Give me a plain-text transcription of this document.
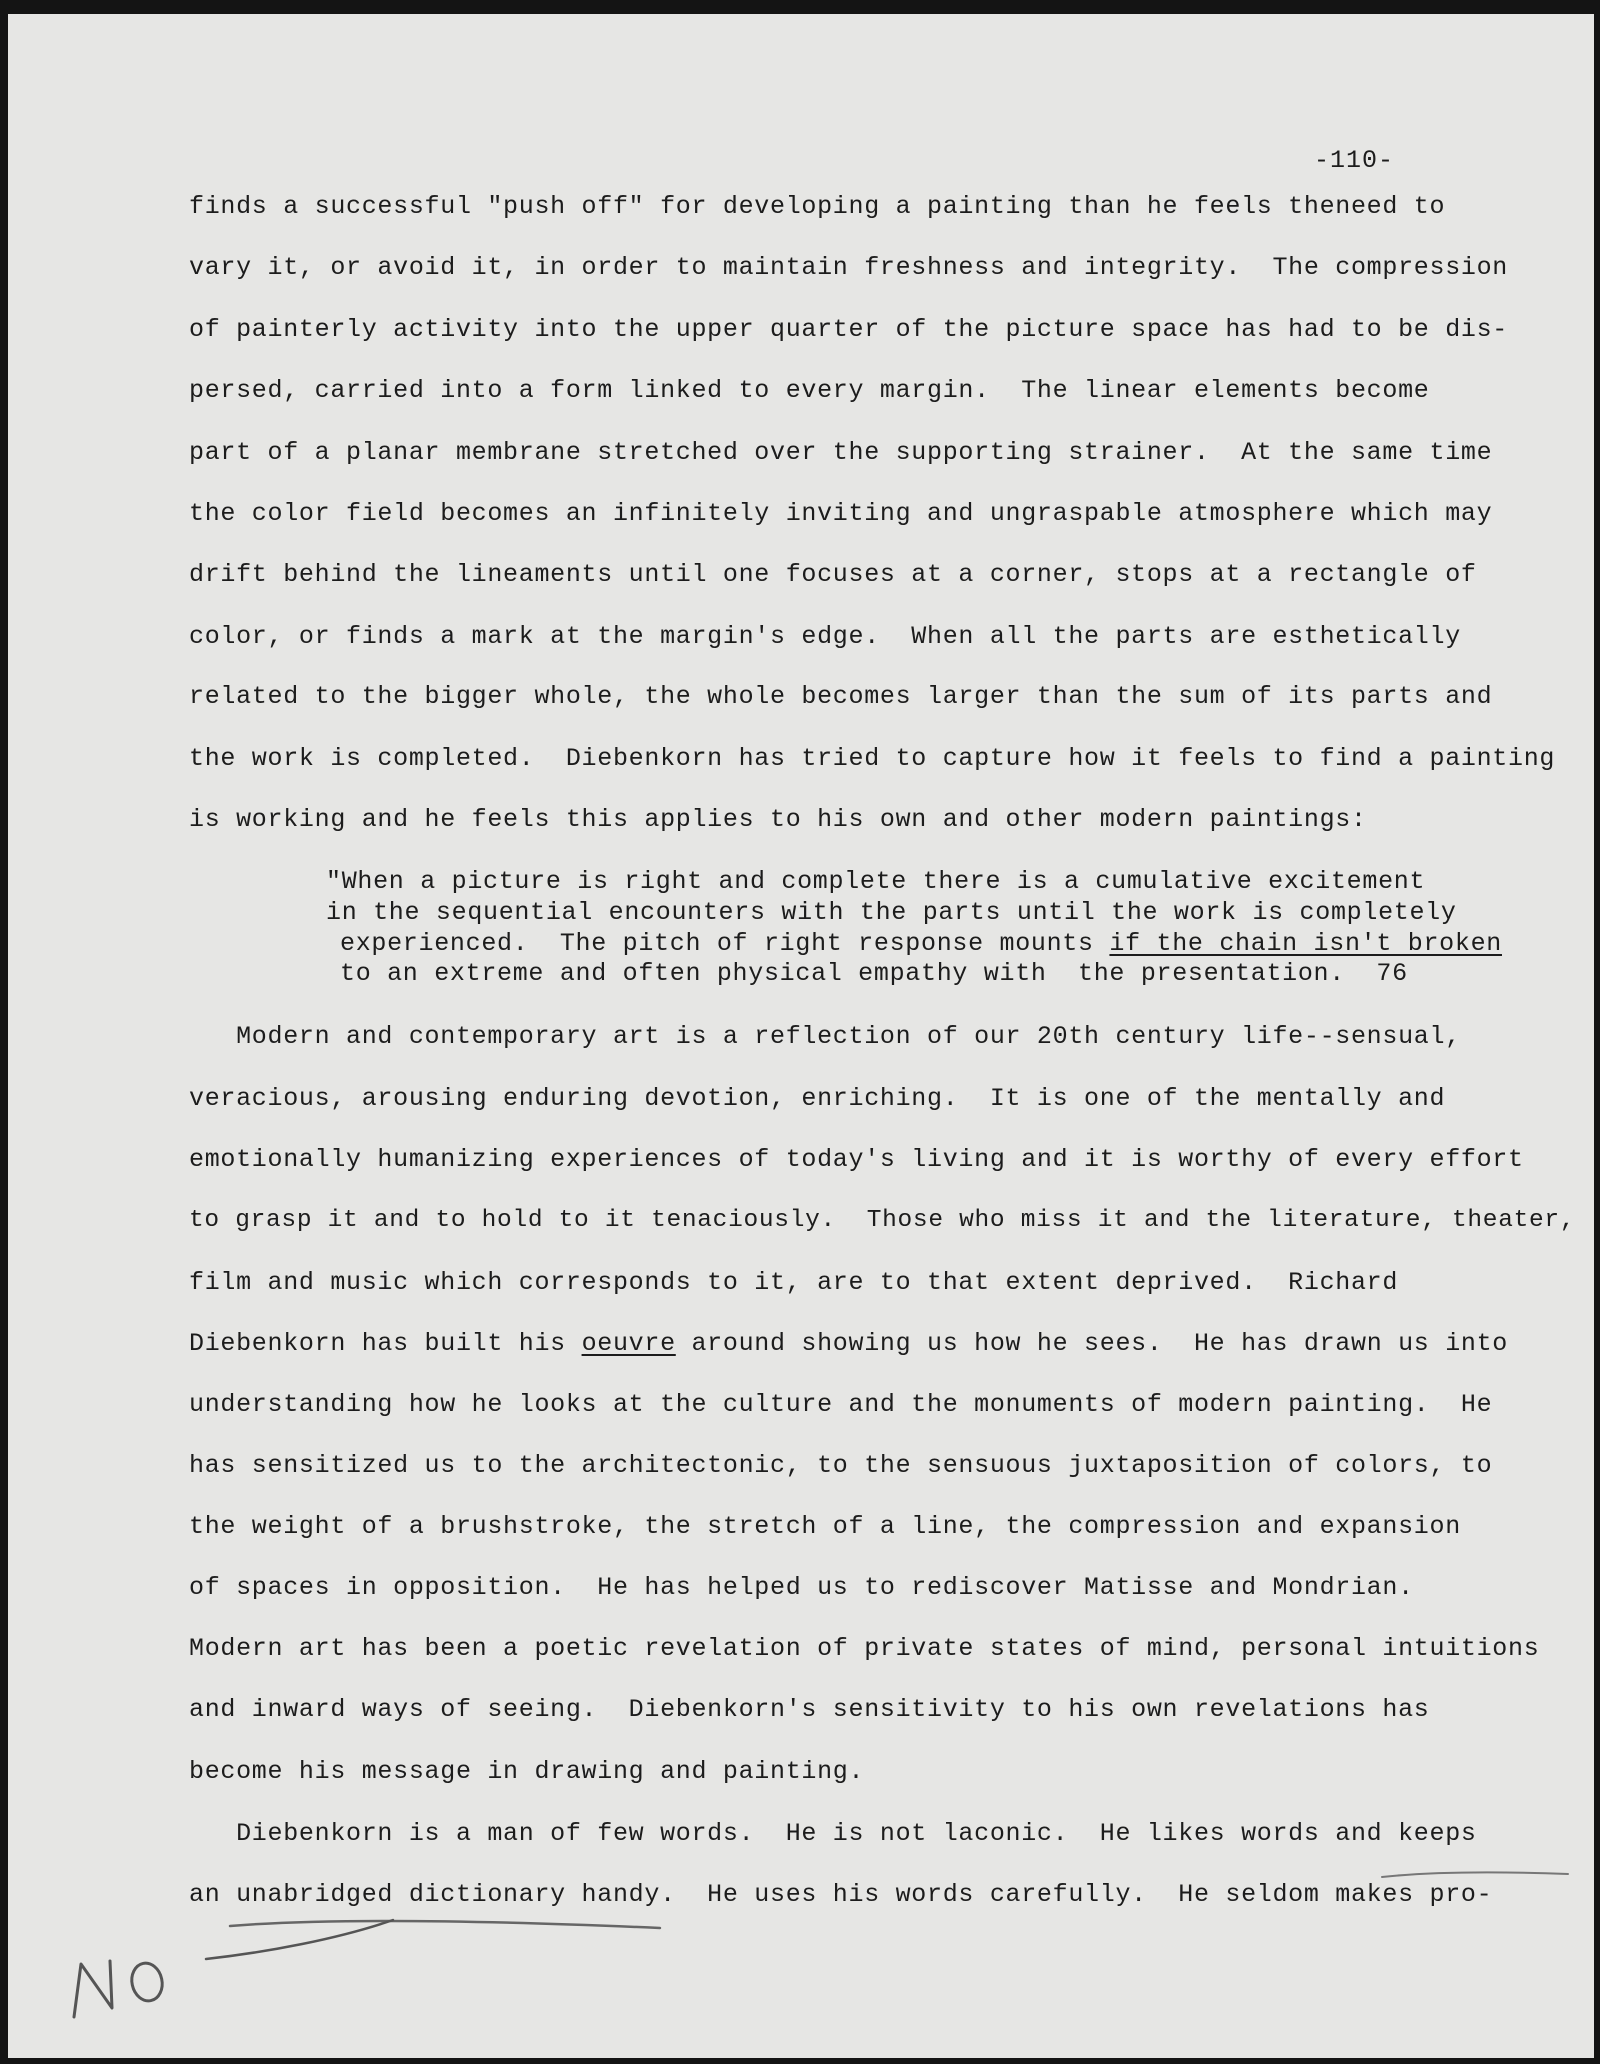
-110-
finds a successful "push off" for developing a painting than he feels theneed to
vary it, or avoid it, in order to maintain freshness and integrity.  The compression
of painterly activity into the upper quarter of the picture space has had to be dis-
persed, carried into a form linked to every margin.  The linear elements become
part of a planar membrane stretched over the supporting strainer.  At the same time
the color field becomes an infinitely inviting and ungraspable atmosphere which may
drift behind the lineaments until one focuses at a corner, stops at a rectangle of
color, or finds a mark at the margin's edge.  When all the parts are esthetically
related to the bigger whole, the whole becomes larger than the sum of its parts and
the work is completed.  Diebenkorn has tried to capture how it feels to find a painting
is working and he feels this applies to his own and other modern paintings:
"When a picture is right and complete there is a cumulative excitement
in the sequential encounters with the parts until the work is completely
experienced.  The pitch of right response mounts if the chain isn't broken
to an extreme and often physical empathy with  the presentation.  76
Modern and contemporary art is a reflection of our 20th century life--sensual,
veracious, arousing enduring devotion, enriching.  It is one of the mentally and
emotionally humanizing experiences of today's living and it is worthy of every effort
to grasp it and to hold to it tenaciously.  Those who miss it and the literature, theater,
film and music which corresponds to it, are to that extent deprived.  Richard
Diebenkorn has built his oeuvre around showing us how he sees.  He has drawn us into
understanding how he looks at the culture and the monuments of modern painting.  He
has sensitized us to the architectonic, to the sensuous juxtaposition of colors, to
the weight of a brushstroke, the stretch of a line, the compression and expansion
of spaces in opposition.  He has helped us to rediscover Matisse and Mondrian.
Modern art has been a poetic revelation of private states of mind, personal intuitions
and inward ways of seeing.  Diebenkorn's sensitivity to his own revelations has
become his message in drawing and painting.
Diebenkorn is a man of few words.  He is not laconic.  He likes words and keeps
an unabridged dictionary handy.  He uses his words carefully.  He seldom makes pro-
